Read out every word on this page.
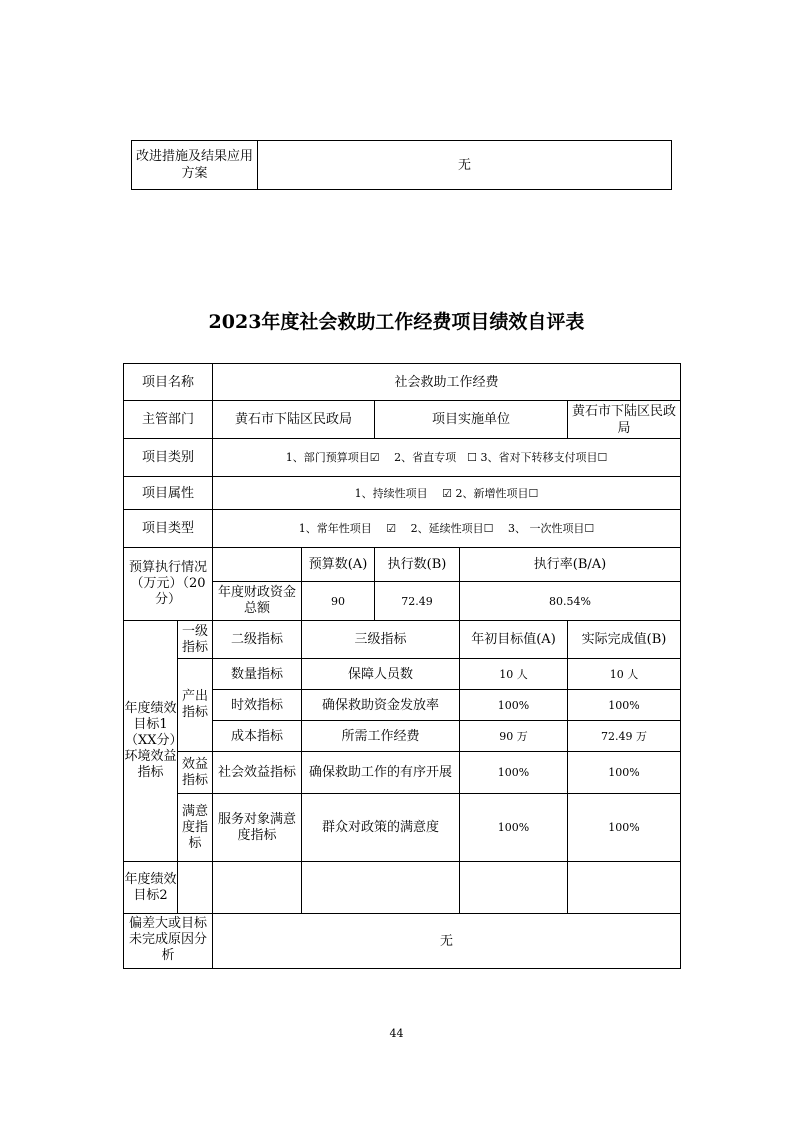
改进措施及结果应用方案	无
2023年度社会救助工作经费项目绩效自评表
项目名称		社会救助工作经费				
主管部门		黄石市下陆区民政局		项目实施单位		黄石市下陆区民政局
项目类别		1、部门预算项目☑　 2、省直专项　☐ 3、省对下转移支付项目☐				
项目属性		1、持续性项目　 ☑ 2、新增性项目☐				
项目类型		1、常年性项目　 ☑　 2、延续性项目☐　 3、 一次性项目☐				
预算执行情况（万元）（20分）			预算数(A)	执行数(B)	执行率(B/A)	
		年度财政资金总额	90	72.49	80.54%	
年度绩效目标1（XX分）环境效益指标	一级指标	二级指标	三级指标		年初目标值(A)	实际完成值(B)
	产出指标	数量指标	保障人员数		10 人	10 人
		时效指标	确保救助资金发放率		100%	100%
		成本指标	所需工作经费		90 万	72.49 万
	效益指标	社会效益指标	确保救助工作的有序开展		100%	100%
	满意度指标	服务对象满意度指标	群众对政策的满意度		100%	100%
年度绩效目标2						
偏差大或目标未完成原因分析		无				
44
